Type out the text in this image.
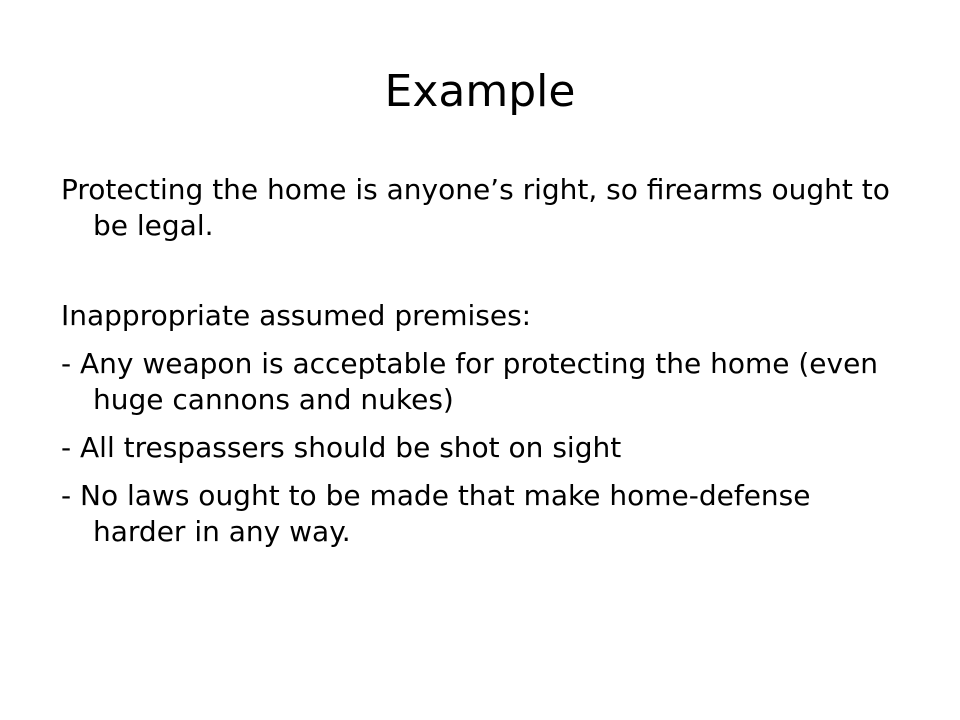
Example
Protecting the home is anyone’s right, so firearms ought to be legal.
Inappropriate assumed premises:
- Any weapon is acceptable for protecting the home (even huge cannons and nukes)
- All trespassers should be shot on sight
- No laws ought to be made that make home-defense harder in any way.
